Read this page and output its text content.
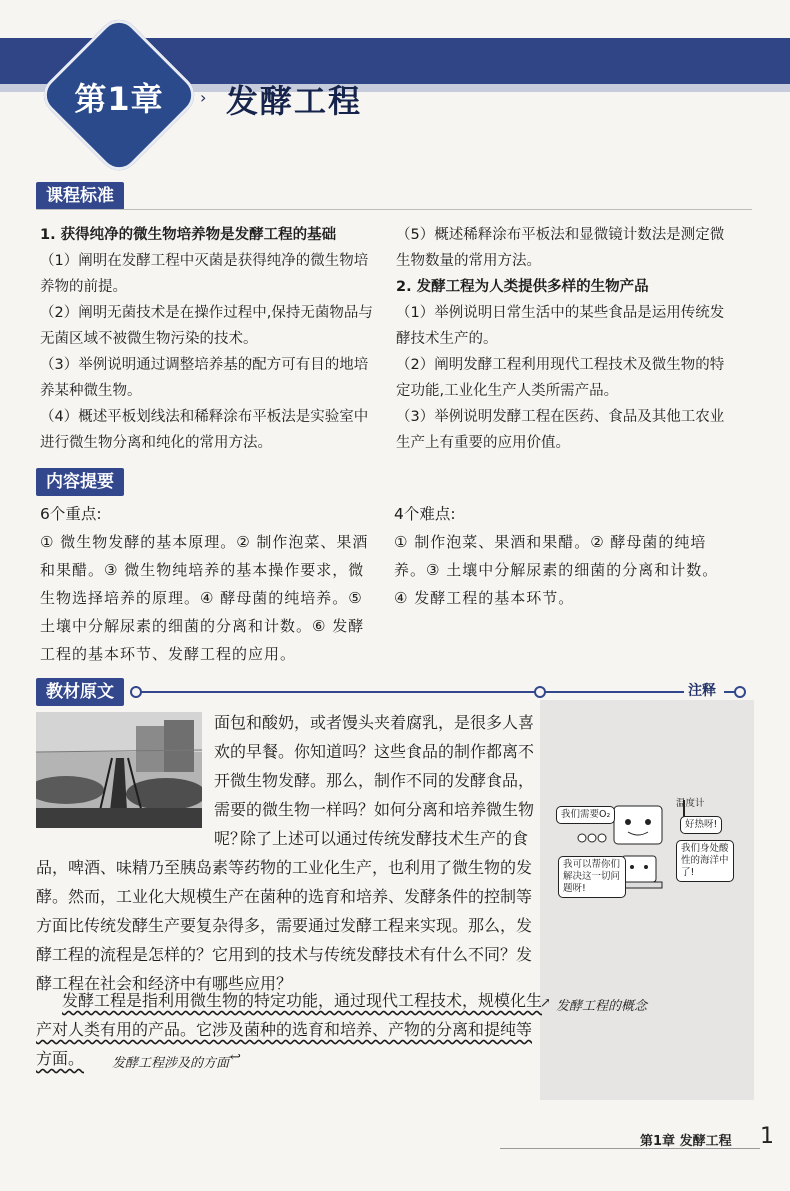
第1章	› 发酵工程
课程标准

1. 获得纯净的微生物培养物是发酵工程的基础

（1）阐明在发酵工程中灭菌是获得纯净的微生物培养物的前提。

（2）阐明无菌技术是在操作过程中,保持无菌物品与无菌区域不被微生物污染的技术。

（3）举例说明通过调整培养基的配方可有目的地培养某种微生物。

（4）概述平板划线法和稀释涂布平板法是实验室中进行微生物分离和纯化的常用方法。

（5）概述稀释涂布平板法和显微镜计数法是测定微生物数量的常用方法。

2. 发酵工程为人类提供多样的生物产品

（1）举例说明日常生活中的某些食品是运用传统发酵技术生产的。

（2）阐明发酵工程利用现代工程技术及微生物的特定功能,工业化生产人类所需产品。

（3）举例说明发酵工程在医药、食品及其他工农业生产上有重要的应用价值。

内容提要

6个重点:

① 微生物发酵的基本原理。② 制作泡菜、果酒和果醋。③ 微生物纯培养的基本操作要求，微生物选择培养的原理。④ 酵母菌的纯培养。⑤ 土壤中分解尿素的细菌的分离和计数。⑥ 发酵工程的基本环节、发酵工程的应用。

4个难点:

① 制作泡菜、果酒和果醋。② 酵母菌的纯培养。③ 土壤中分解尿素的细菌的分离和计数。④ 发酵工程的基本环节。

教材原文	注释
面包和酸奶，或者馒头夹着腐乳，是很多人喜欢的早餐。你知道吗？这些食品的制作都离不开微生物发酵。那么，制作不同的发酵食品，需要的微生物一样吗？如何分离和培养微生物呢？
除了上述可以通过传统发酵技术生产的食
品，啤酒、味精乃至胰岛素等药物的工业化生产，也利用了微生物的发酵。然而，工业化大规模生产在菌种的选育和培养、发酵条件的控制等方面比传统发酵生产要复杂得多，需要通过发酵工程来实现。那么，发酵工程的流程是怎样的？它用到的技术与传统发酵技术有什么不同？发酵工程在社会和经济中有哪些应用？
发酵工程是指利用微生物的特定功能，通过现代工程技术，规模化生
产对人类有用的产品。它涉及菌种的选育和培养、产物的分离和提纯等
方面。
↗ 发酵工程的概念
发酵工程涉及的方面 ↩
我们需要O₂
温度计
好热呀!
我们身处酸性的海洋中了!
我可以帮你们解决这一切问题呀!
第1章 发酵工程 1
